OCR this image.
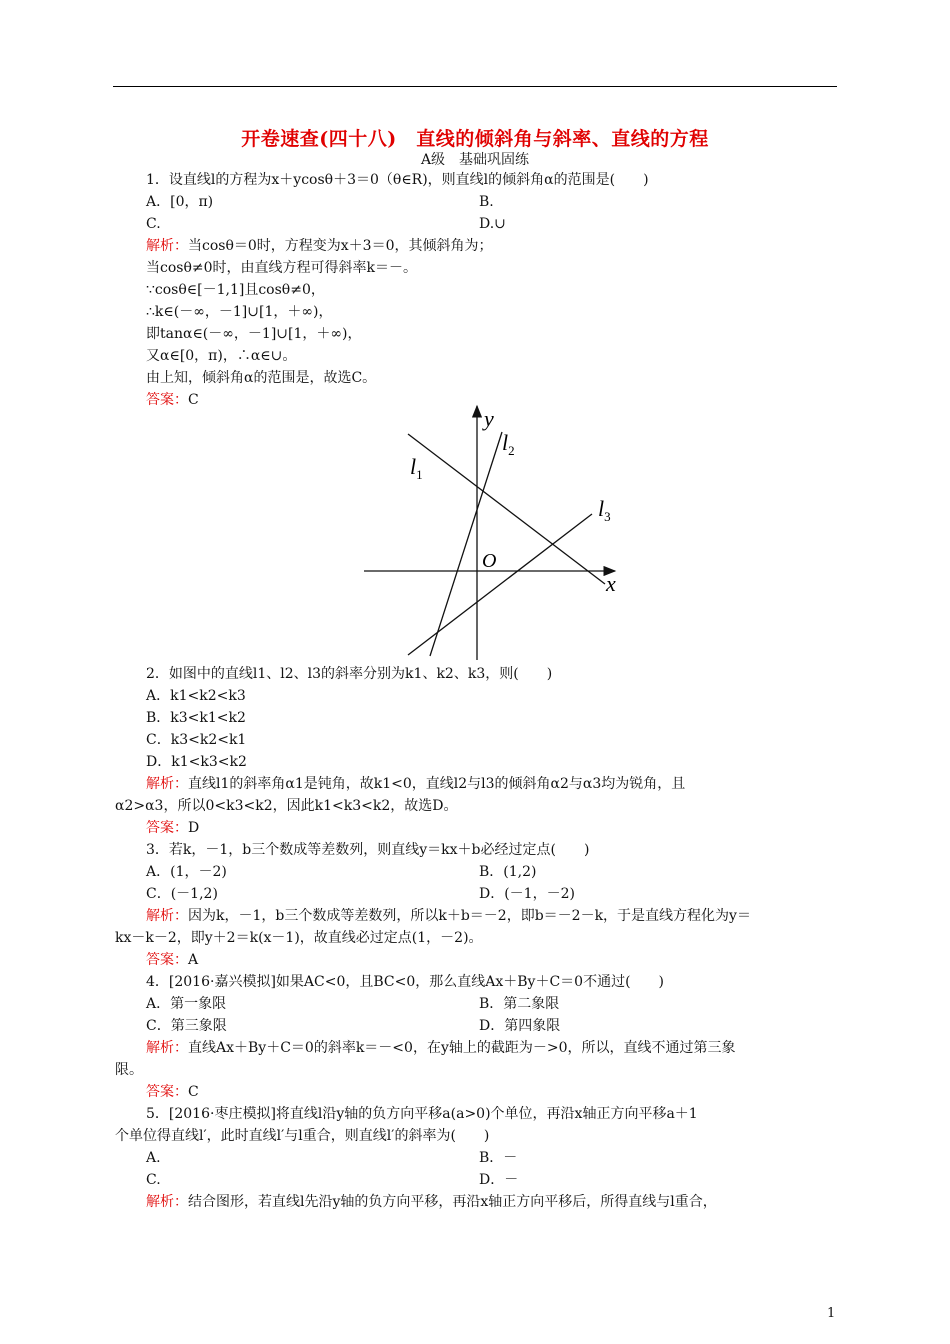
开卷速查(四十八)　直线的倾斜角与斜率、直线的方程
A级　基础巩固练
1．设直线l的方程为x＋ycosθ＋3＝0（θ∈R)，则直线l的倾斜角α的范围是(　　)
A．[0，π)	B.
C.	D.∪
解析：当cosθ＝0时，方程变为x＋3＝0，其倾斜角为；
当cosθ≠0时，由直线方程可得斜率k＝－。
∵cosθ∈[－1,1]且cosθ≠0，
∴k∈(－∞，－1]∪[1，＋∞)，
即tanα∈(－∞，－1]∪[1，＋∞)，
又α∈[0，π)，∴α∈∪。
由上知，倾斜角α的范围是，故选C。
答案：C
2．如图中的直线l1、l2、l3的斜率分别为k1、k2、k3，则(　　)
A．k1<k2<k3
B．k3<k1<k2
C．k3<k2<k1
D．k1<k3<k2
解析：直线l1的斜率角α1是钝角，故k1<0，直线l2与l3的倾斜角α2与α3均为锐角，且
α2>α3，所以0<k3<k2，因此k1<k3<k2，故选D。
答案：D
3．若k，－1，b三个数成等差数列，则直线y＝kx＋b必经过定点(　　)
A．(1，－2)	B．(1,2)
C．(－1,2)	D．(－1，－2)
解析：因为k，－1，b三个数成等差数列，所以k＋b＝－2，即b＝－2－k，于是直线方程化为y＝
kx－k－2，即y＋2＝k(x－1)，故直线必过定点(1，－2)。
答案：A
4．[2016·嘉兴模拟]如果AC<0，且BC<0，那么直线Ax＋By＋C＝0不通过(　　)
A．第一象限	B．第二象限
C．第三象限	D．第四象限
解析：直线Ax＋By＋C＝0的斜率k＝－<0，在y轴上的截距为－>0，所以，直线不通过第三象
限。
答案：C
5．[2016·枣庄模拟]将直线l沿y轴的负方向平移a(a>0)个单位，再沿x轴正方向平移a＋1
个单位得直线l′，此时直线l′与l重合，则直线l′的斜率为(　　)
A.	B．－
C.	D．－
解析：结合图形，若直线l先沿y轴的负方向平移，再沿x轴正方向平移后，所得直线与l重合，
y
x
O
$l_1$
$l_2$
$l_3$
1
